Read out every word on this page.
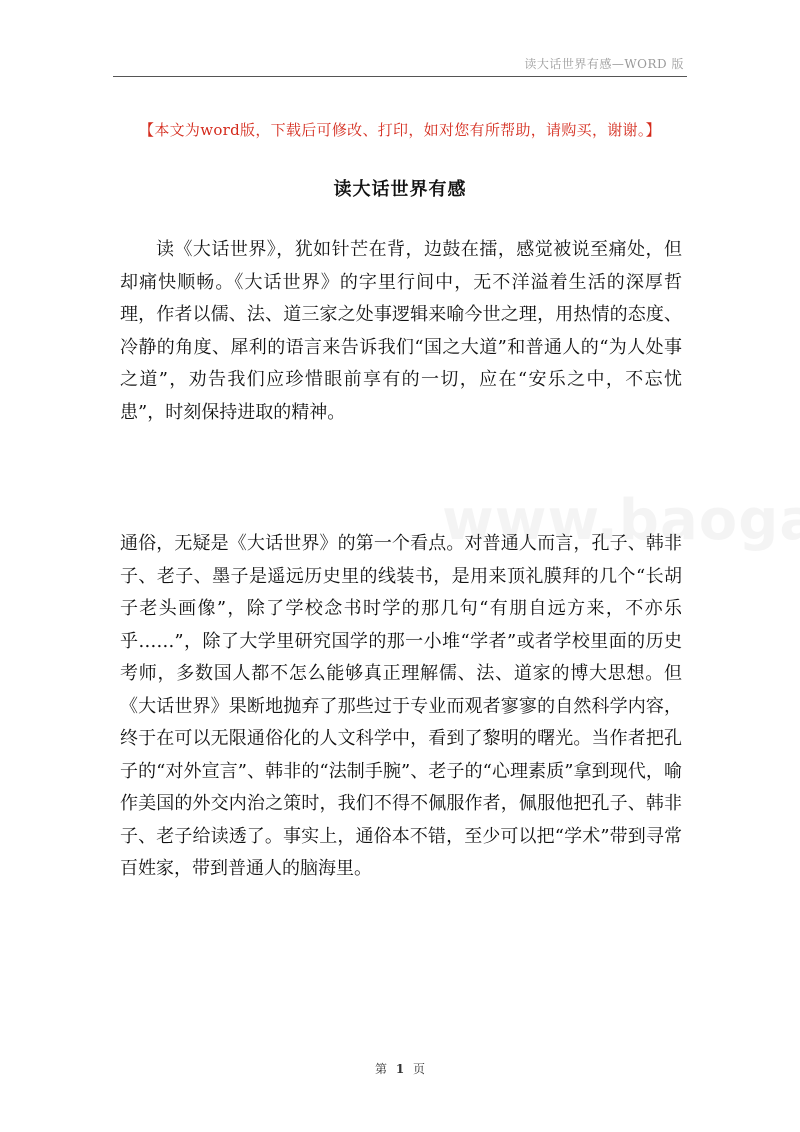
读大话世界有感—WORD 版
【本文为word版，下载后可修改、打印，如对您有所帮助，请购买，谢谢。】
读大话世界有感

读《大话世界》，犹如针芒在背，边鼓在擂，感觉被说至痛处，但却痛快顺畅。《大话世界》的字里行间中，无不洋溢着生活的深厚哲理，作者以儒、法、道三家之处事逻辑来喻今世之理，用热情的态度、冷静的角度、犀利的语言来告诉我们“国之大道”和普通人的“为人处事之道”，劝告我们应珍惜眼前享有的一切，应在“安乐之中，不忘忧患”，时刻保持进取的精神。

通俗，无疑是《大话世界》的第一个看点。对普通人而言，孔子、韩非子、老子、墨子是遥远历史里的线装书，是用来顶礼膜拜的几个“长胡子老头画像”，除了学校念书时学的那几句“有朋自远方来，不亦乐乎……”，除了大学里研究国学的那一小堆“学者”或者学校里面的历史考师，多数国人都不怎么能够真正理解儒、法、道家的博大思想。但《大话世界》果断地抛弃了那些过于专业而观者寥寥的自然科学内容，终于在可以无限通俗化的人文科学中，看到了黎明的曙光。当作者把孔子的“对外宣言”、韩非的“法制手腕”、老子的“心理素质”拿到现代，喻作美国的外交内治之策时，我们不得不佩服作者，佩服他把孔子、韩非子、老子给读透了。事实上，通俗本不错，至少可以把“学术”带到寻常百姓家，带到普通人的脑海里。

第 1 页
